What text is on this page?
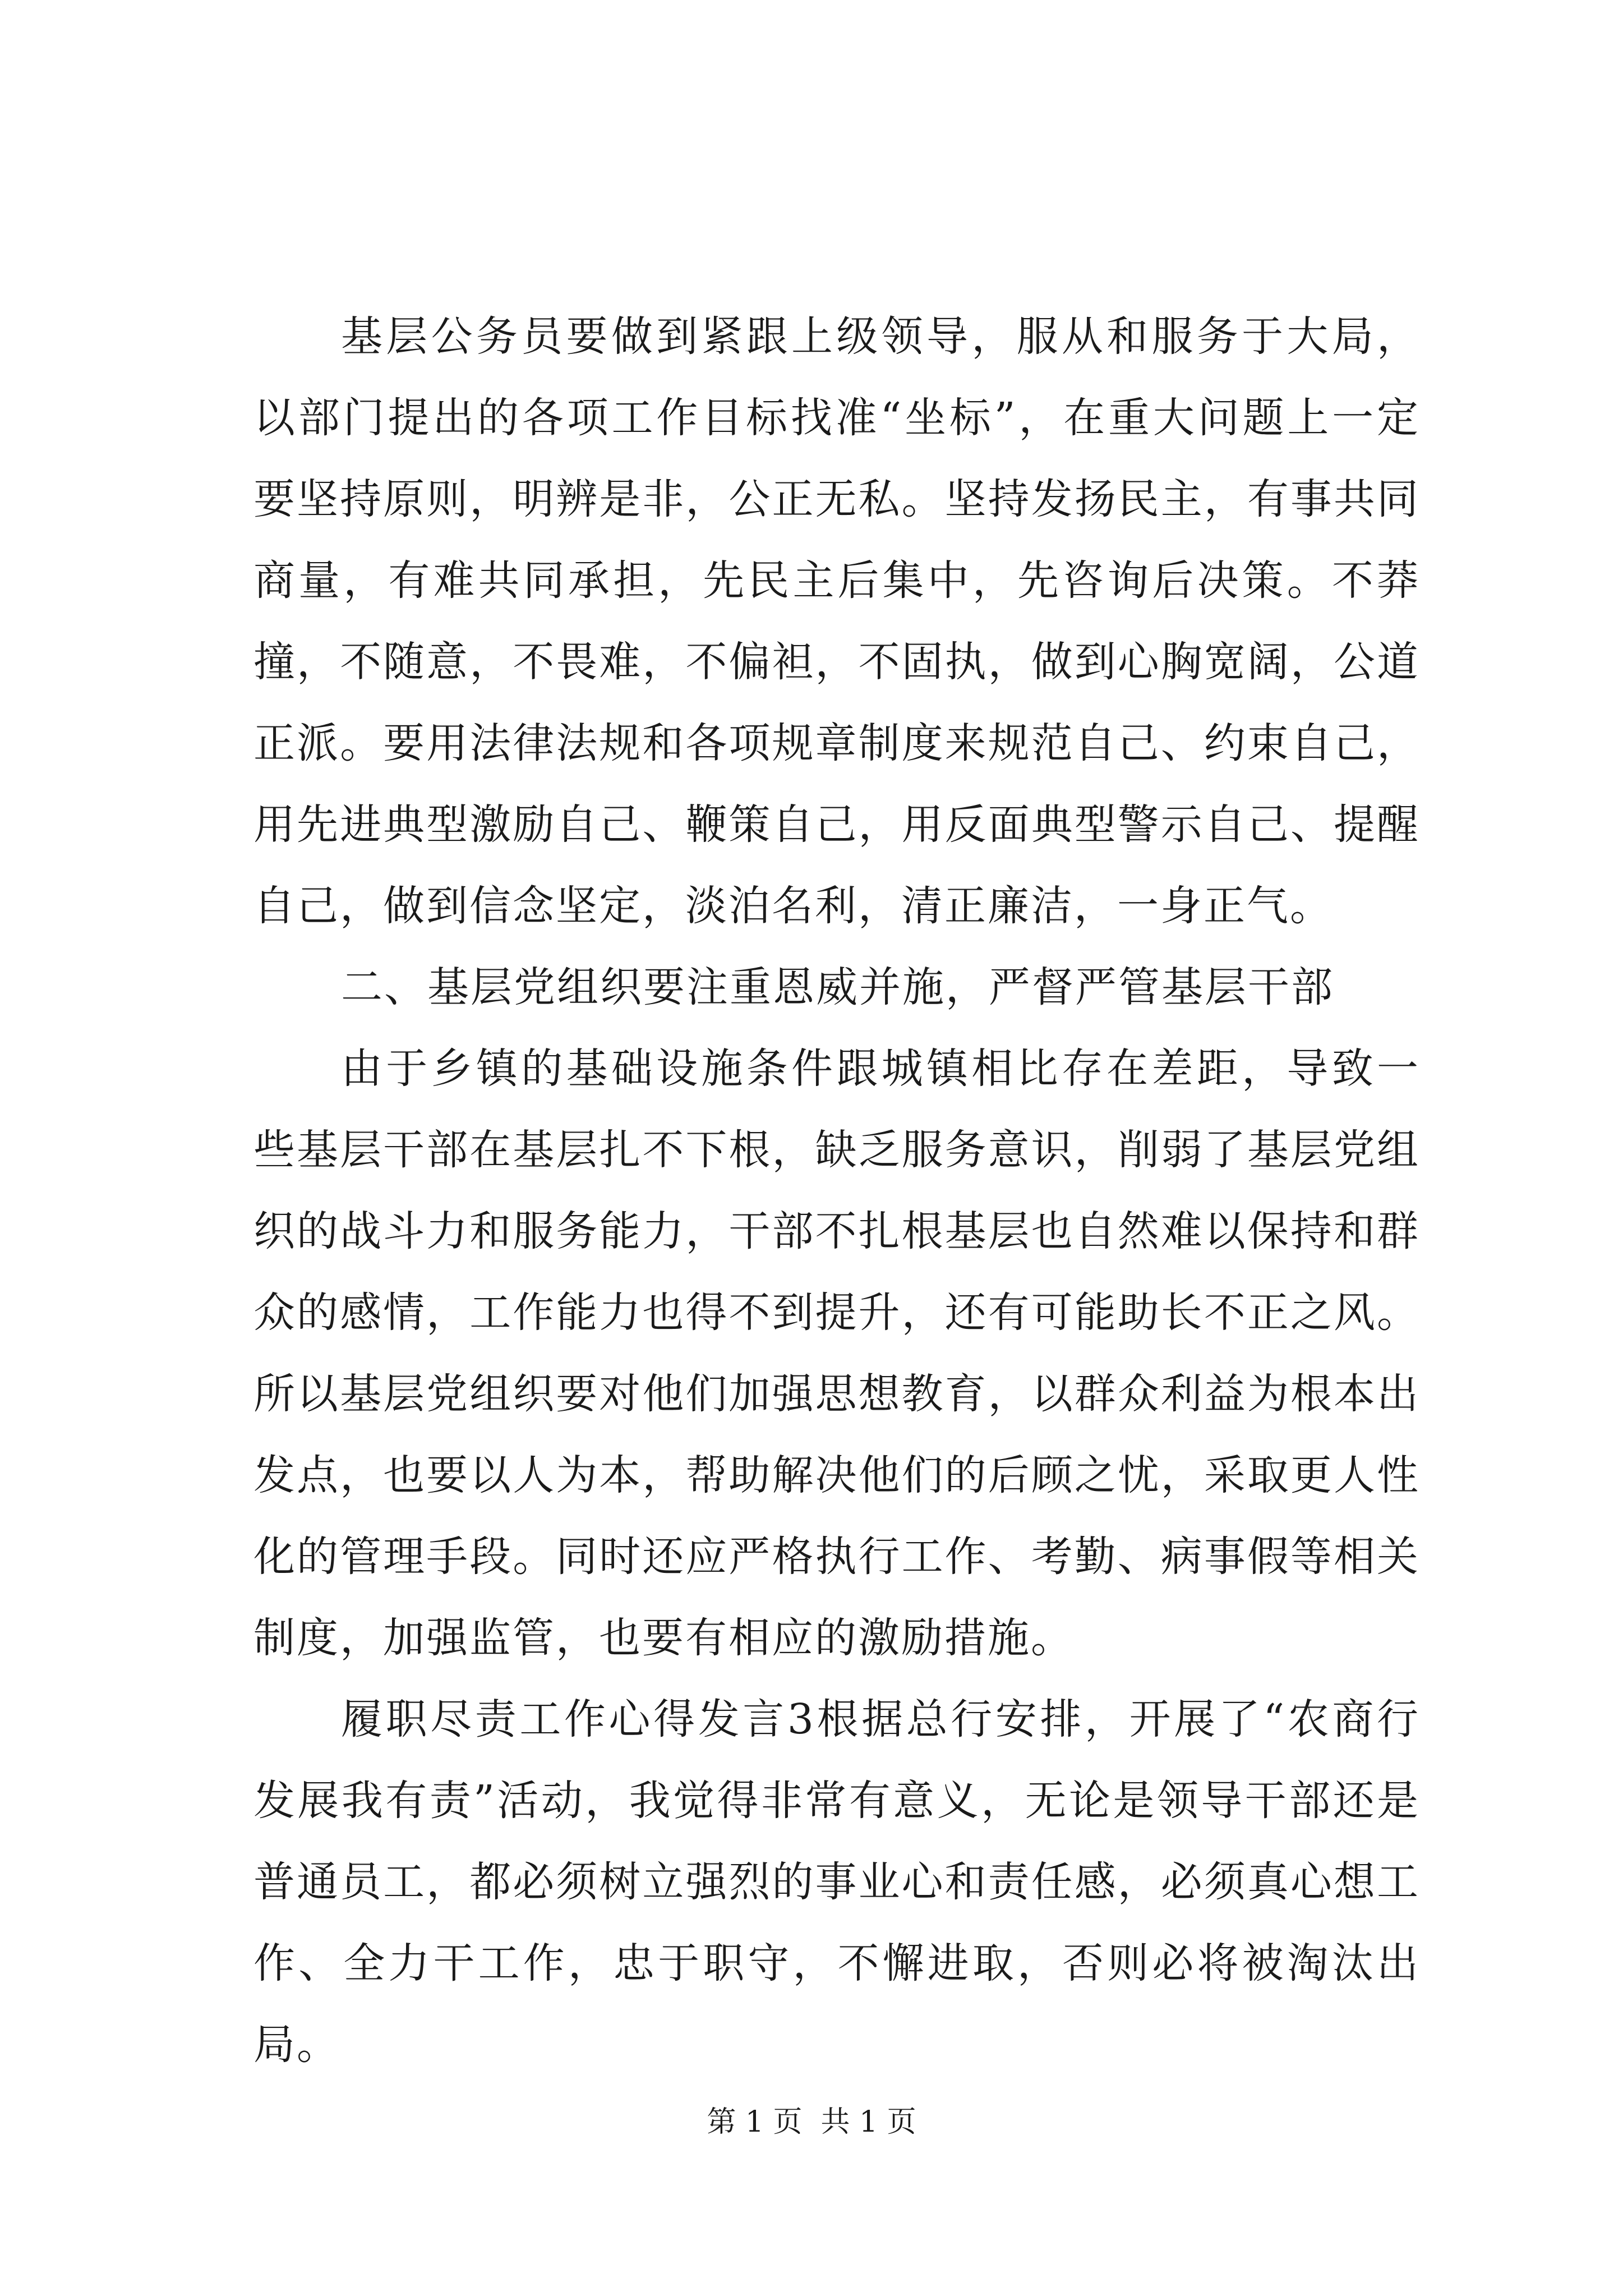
基层公务员要做到紧跟上级领导，服从和服务于大局，以部门提出的各项工作目标找准“坐标”，在重大问题上一定要坚持原则，明辨是非，公正无私。坚持发扬民主，有事共同商量，有难共同承担，先民主后集中，先咨询后决策。不莽撞，不随意，不畏难，不偏袒，不固执，做到心胸宽阔，公道正派。要用法律法规和各项规章制度来规范自己、约束自己，用先进典型激励自己、鞭策自己，用反面典型警示自己、提醒自己，做到信念坚定，淡泊名利，清正廉洁，一身正气。

二、基层党组织要注重恩威并施，严督严管基层干部

由于乡镇的基础设施条件跟城镇相比存在差距，导致一些基层干部在基层扎不下根，缺乏服务意识，削弱了基层党组织的战斗力和服务能力，干部不扎根基层也自然难以保持和群众的感情，工作能力也得不到提升，还有可能助长不正之风。所以基层党组织要对他们加强思想教育，以群众利益为根本出发点，也要以人为本，帮助解决他们的后顾之忧，采取更人性化的管理手段。同时还应严格执行工作、考勤、病事假等相关制度，加强监管，也要有相应的激励措施。

履职尽责工作心得发言3根据总行安排，开展了“农商行发展我有责”活动，我觉得非常有意义，无论是领导干部还是普通员工，都必须树立强烈的事业心和责任感，必须真心想工作、全力干工作，忠于职守，不懈进取，否则必将被淘汰出局。

第 1 页  共 1 页
